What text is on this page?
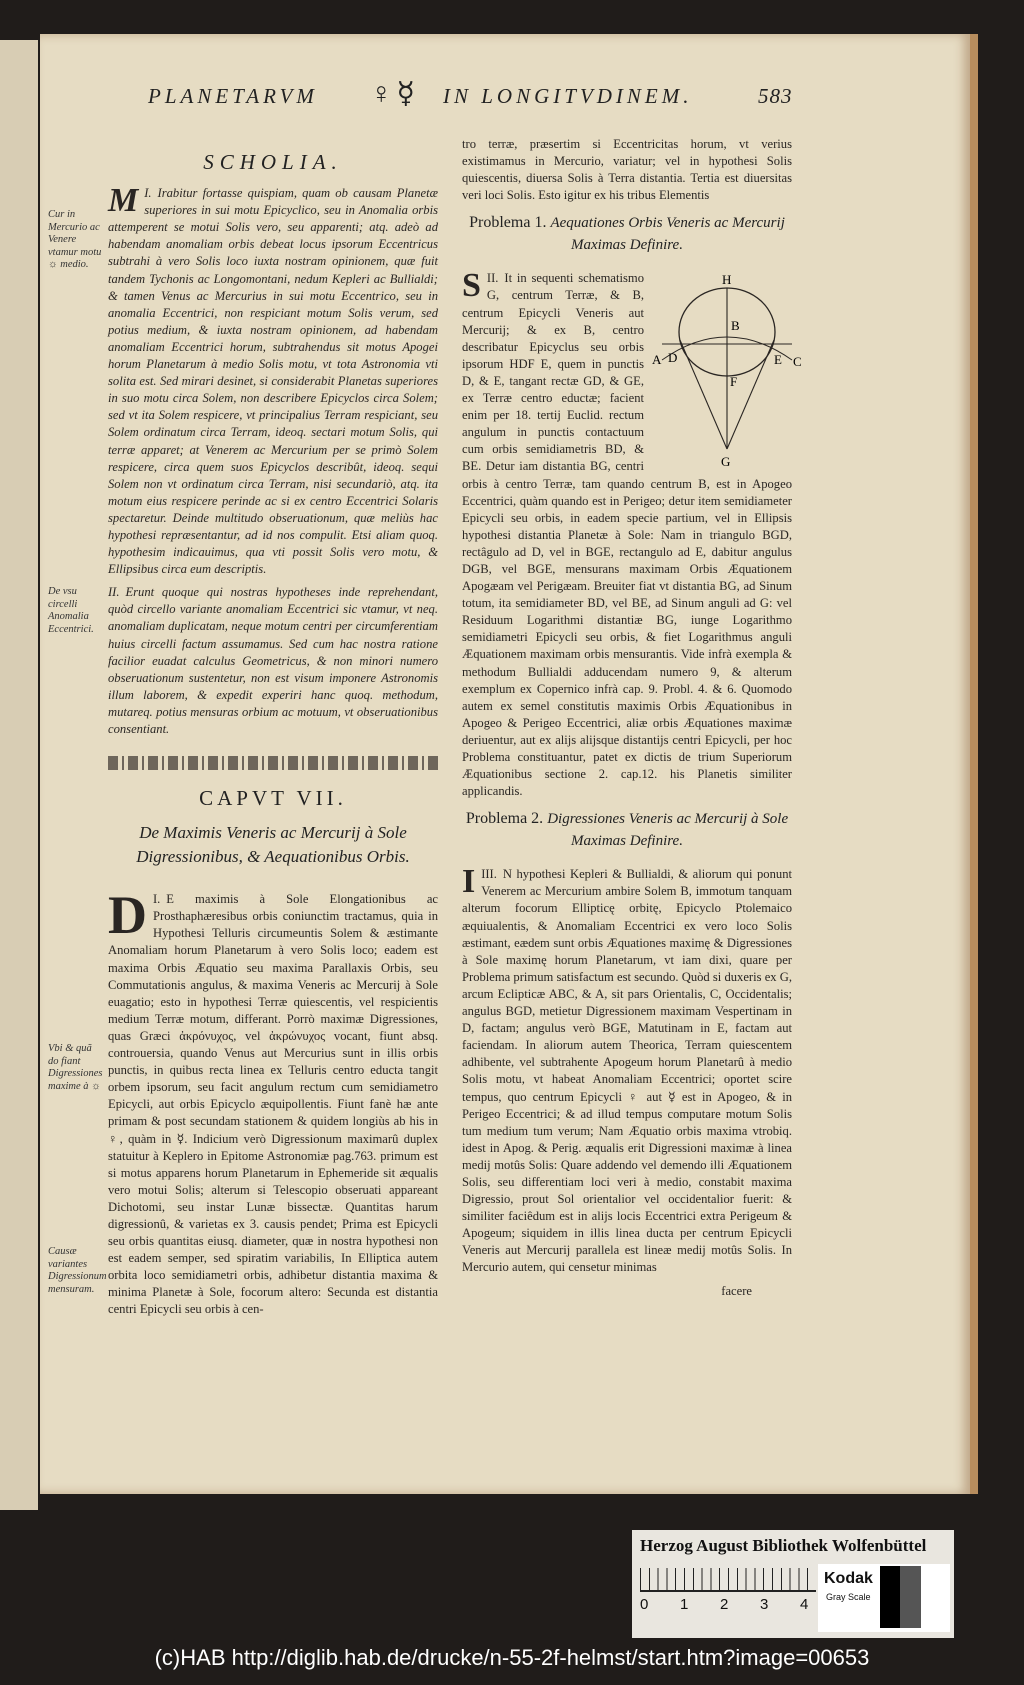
PLANETARVM ♀☿ IN LONGITVDINEM.	583
SCHOLIA.
Cur in Mercurio ac Venere vtamur motu ☼ medio.

I.
M Irabitur fortasse quispiam, quam ob causam Planetæ superiores in sui motu Epicyclico, seu in Anomalia orbis attemperent se motui Solis vero, seu apparenti; atq. adeò ad habendam anomaliam orbis debeat locus ipsorum Eccentricus subtrahi à vero Solis loco iuxta nostram opinionem, quæ fuit tandem Tychonis ac Longomontani, nedum Kepleri ac Bullialdi; & tamen Venus ac Mercurius in sui motu Eccentrico, seu in anomalia Eccentrici, non respiciant motum Solis verum, sed potius medium, & iuxta nostram opinionem, ad habendam anomaliam Eccentrici horum, subtrahendus sit motus Apogei horum Planetarum à medio Solis motu, vt tota Astronomia vti solita est. Sed mirari desinet, si considerabit Planetas superiores in suo motu circa Solem, non describere Epicyclos circa Solem; sed vt ita Solem respicere, vt principalius Terram respiciant, seu Solem ordinatum circa Terram, ideoq. sectari motum Solis, qui terræ apparet; at Venerem ac Mercurium per se primò Solem respicere, circa quem suos Epicyclos describût, ideoq. sequi Solem non vt ordinatum circa Terram, nisi secundariò, atq. ita motum eius respicere perinde ac si ex centro Eccentrici Solaris spectaretur. Deinde multitudo obseruationum, quæ meliùs hac hypothesi repræsentantur, ad id nos compulit. Etsi aliam quoq. hypothesim indicauimus, qua vti possit Solis vero motu, & Ellipsibus circa eum descriptis.

De vsu circelli Anomalia Eccentrici.

II. Erunt quoque qui nostras hypotheses inde reprehendant, quòd circello variante anomaliam Eccentrici sic vtamur, vt neq. anomaliam duplicatam, neque motum centri per circumferentiam huius circelli factum assumamus. Sed cum hac nostra ratione facilior euadat calculus Geometricus, & non minori numero obseruationum sustentetur, non est visum imponere Astronomis illum laborem, & expedit experiri hanc quoq. methodum, mutareq. potius mensuras orbium ac motuum, vt obseruationibus consentiant.

CAPVT VII.
De Maximis Veneris ac Mercurij à Sole Digressionibus, & Aequationibus Orbis.
Vbi & quã do fiant Digressiones maxime à ☼
Causæ variantes Digressionum mensuram.

I.
D E maximis à Sole Elongationibus ac Prosthaphæresibus orbis coniunctim tractamus, quia in Hypothesi Telluris circumeuntis Solem & æstimante Anomaliam horum Planetarum à vero Solis loco; eadem est maxima Orbis Æquatio seu maxima Parallaxis Orbis, seu Commutationis angulus, & maxima Veneris ac Mercurij à Sole euagatio; esto in hypothesi Terræ quiescentis, vel respicientis medium Terræ motum, differant. Porrò maximæ Digressiones, quas Græci ἀκρόνυχος, vel ἀκρώνυχος vocant, fiunt absq. controuersia, quando Venus aut Mercurius sunt in illis orbis punctis, in quibus recta linea ex Telluris centro educta tangit orbem ipsorum, seu facit angulum rectum cum semidiametro Epicycli, aut orbis Epicyclo æquipollentis. Fiunt fanè hæ ante primam & post secundam stationem & quidem longiùs ab his in ♀, quàm in ☿. Indicium verò Digressionum maximarû duplex statuitur à Keplero in Epitome Astronomiæ pag.763. primum est si motus apparens horum Planetarum in Ephemeride sit æqualis vero motui Solis; alterum si Telescopio obseruati appareant Dichotomi, seu instar Lunæ bissectæ. Quantitas harum digressionû, & varietas ex 3. causis pendet; Prima est Epicycli seu orbis quantitas eiusq. diameter, quæ in nostra hypothesi non est eadem semper, sed spiratim variabilis, In Elliptica autem orbita loco semidiametri orbis, adhibetur distantia maxima & minima Planetæ à Sole, focorum altero: Secunda est distantia centri Epicycli seu orbis à cen-

tro terræ, præsertim si Eccentricitas horum, vt verius existimamus in Mercurio, variatur; vel in hypothesi Solis quiescentis, diuersa Solis à Terra distantia. Tertia est diuersitas veri loci Solis. Esto igitur ex his tribus Elementis

Problema 1. Aequationes Orbis Veneris ac Mercurij Maximas Definire.
H
B
A D	E C
F
G

II.
S It in sequenti schematismo G, centrum Terræ, & B, centrum Epicycli Veneris aut Mercurij; & ex B, centro describatur Epicyclus seu orbis ipsorum HDF E, quem in punctis D, & E, tangant rectæ GD, & GE, ex Terræ centro eductæ; facient enim per 18. tertij Euclid. rectum angulum in punctis contactuum cum orbis semidiametris BD, & BE. Detur iam distantia BG, centri orbis à centro Terræ, tam quando centrum B, est in Apogeo Eccentrici, quàm quando est in Perigeo; detur item semidiameter Epicycli seu orbis, in eadem specie partium, vel in Ellipsis hypothesi distantia Planetæ à Sole: Nam in triangulo BGD, rectâgulo ad D, vel in BGE, rectangulo ad E, dabitur angulus DGB, vel BGE, mensurans maximam Orbis Æquationem Apogæam vel Perigæam. Breuiter fiat vt distantia BG, ad Sinum totum, ita semidiameter BD, vel BE, ad Sinum anguli ad G: vel Residuum Logarithmi distantiæ BG, iunge Logarithmo semidiametri Epicycli seu orbis, & fiet Logarithmus anguli Æquationem maximam orbis mensurantis. Vide infrà exempla & methodum Bullialdi adducendam numero 9, & alterum exemplum ex Copernico infrà cap. 9. Probl. 4. & 6. Quomodo autem ex semel constitutis maximis Orbis Æquationibus in Apogeo & Perigeo Eccentrici, aliæ orbis Æquationes maximæ deriuentur, aut ex alijs alijsque distantijs centri Epicycli, per hoc Problema constituantur, patet ex dictis de trium Superiorum Æquationibus sectione 2. cap.12. his Planetis similiter applicandis.

Problema 2. Digressiones Veneris ac Mercurij à Sole Maximas Definire.

III.
I N hypothesi Kepleri & Bullialdi, & aliorum qui ponunt Venerem ac Mercurium ambire Solem B, immotum tanquam alterum focorum Ellipticę orbitę, Epicyclo Ptolemaico æquiualentis, & Anomaliam Eccentrici ex vero loco Solis æstimant, eædem sunt orbis Æquationes maximę & Digressiones à Sole maximę horum Planetarum, vt iam dixi, quare per Problema primum satisfactum est secundo. Quòd si duxeris ex G, arcum Eclipticæ ABC, & A, sit pars Orientalis, C, Occidentalis; angulus BGD, metietur Digressionem maximam Vespertinam in D, factam; angulus verò BGE, Matutinam in E, factam aut faciendam. In aliorum autem Theorica, Terram quiescentem adhibente, vel subtrahente Apogeum horum Planetarû à medio Solis motu, vt habeat Anomaliam Eccentrici; oportet scire tempus, quo centrum Epicycli ♀ aut ☿ est in Apogeo, & in Perigeo Eccentrici; & ad illud tempus computare motum Solis tum medium tum verum; Nam Æquatio orbis maxima vtrobiq. idest in Apog. & Perig. æqualis erit Digressioni maximæ à linea medij motûs Solis: Quare addendo vel demendo illi Æquationem Solis, seu differentiam loci veri à medio, constabit maxima Digressio, prout Sol orientalior vel occidentalior fuerit: & similiter faciêdum est in alijs locis Eccentrici extra Perigeum & Apogeum; siquidem in illis linea ducta per centrum Epicycli Veneris aut Mercurij parallela est lineæ medij motûs Solis. In Mercurio autem, qui censetur minimas

facere

Herzog August Bibliothek Wolfenbüttel
0 1 2 3 4
Kodak
Gray Scale
(c)HAB http://diglib.hab.de/drucke/n-55-2f-helmst/start.htm?image=00653
